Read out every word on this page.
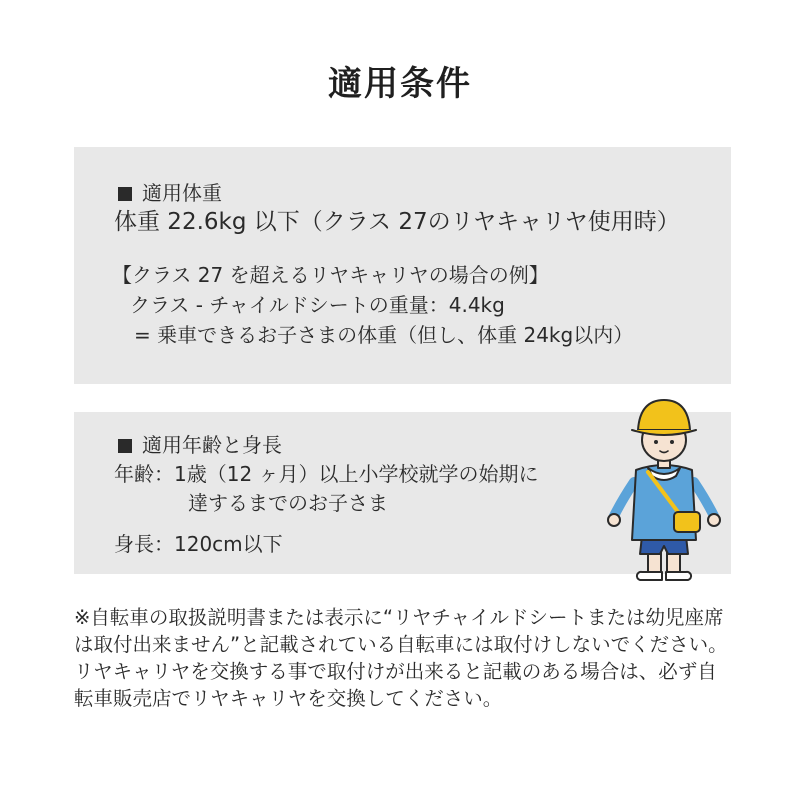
適用条件
適用体重
体重 22.6kg 以下（クラス 27のリヤキャリヤ使用時）
【クラス 27 を超えるリヤキャリヤの場合の例】
クラス - チャイルドシートの重量：4.4kg
= 乗車できるお子さまの体重（但し、体重 24kg以内）
適用年齢と身長
年齢：1歳（12 ヶ月）以上小学校就学の始期に
達するまでのお子さま
身長：120cm以下

※自転車の取扱説明書または表示に“リヤチャイルドシートまたは幼児座席は取付出来ません”と記載されている自転車には取付けしないでください。リヤキャリヤを交換する事で取付けが出来ると記載のある場合は、必ず自転車販売店でリヤキャリヤを交換してください。
